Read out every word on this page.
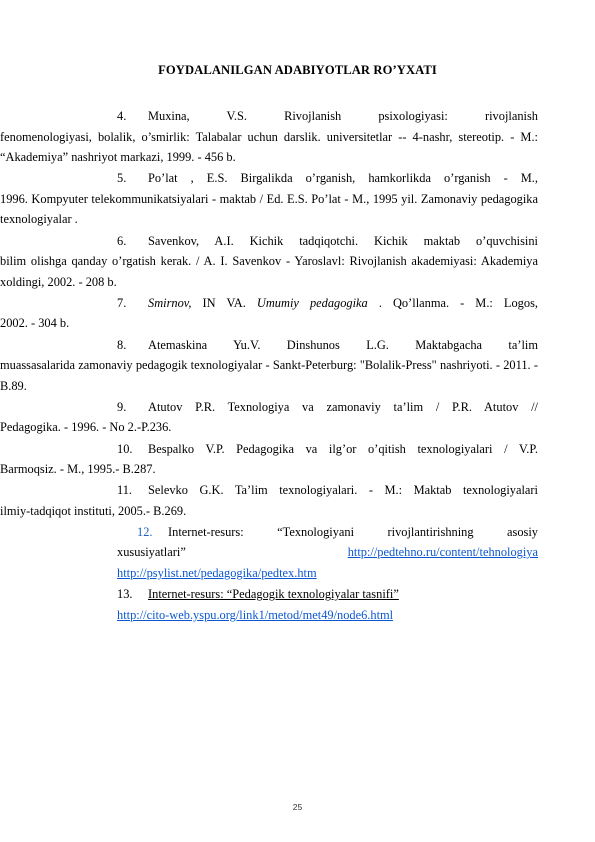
FOYDALANILGAN ADABIYOTLAR RO’YXATI
4. Muxina, V.S. Rivojlanish psixologiyasi: rivojlanish
fenomenologiyasi, bolalik, o’smirlik: Talabalar uchun darslik. universitetlar -- 4-nashr, stereotip. - M.: “Akademiya” nashriyot markazi, 1999. - 456 b.
5. Po’lat , E.S. Birgalikda o’rganish, hamkorlikda o’rganish - M.,
1996. Kompyuter telekommunikatsiyalari - maktab / Ed. E.S. Po’lat - M., 1995 yil. Zamonaviy pedagogika texnologiyalar .
6. Savenkov, A.I. Kichik tadqiqotchi. Kichik maktab o’quvchisini
bilim olishga qanday o’rgatish kerak. / A. I. Savenkov - Yaroslavl: Rivojlanish akademiyasi: Akademiya xoldingi, 2002. - 208 b.
7. Smirnov, IN VA. Umumiy pedagogika . Qo’llanma. - M.: Logos,
2002. - 304 b.
8. Atemaskina Yu.V. Dinshunos L.G. Maktabgacha ta’lim
muassasalarida zamonaviy pedagogik texnologiyalar - Sankt-Peterburg: "Bolalik-Press" nashriyoti. - 2011. - B.89.
9. Atutov P.R. Texnologiya va zamonaviy ta’lim / P.R. Atutov //
Pedagogika. - 1996. - No 2.-P.236.
10. Bespalko V.P. Pedagogika va ilg’or o’qitish texnologiyalari / V.P.
Barmoqsiz. - M., 1995.- B.287.
11. Selevko G.K. Ta’lim texnologiyalari. - M.: Maktab texnologiyalari
ilmiy-tadqiqot instituti, 2005.- B.269.
12. Internet-resurs: “Texnologiyani rivojlantirishning asosiy
xususiyatlari”	http://pedtehno.ru/content/tehnologiya
http://psylist.net/pedagogika/pedtex.htm
13. Internet-resurs: “Pedagogik texnologiyalar tasnifi”
http://cito-web.yspu.org/link1/metod/met49/node6.html
25
